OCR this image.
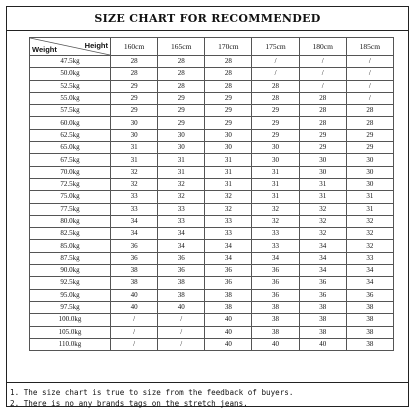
SIZE CHART FOR RECOMMENDED
Weight Height	160cm	165cm	170cm	175cm	180cm	185cm
47.5kg	28	28	28	/	/	/
50.0kg	28	28	28	/	/	/
52.5kg	29	28	28	28	/	/
55.0kg	29	29	29	28	28	/
57.5kg	29	29	29	29	28	28
60.0kg	30	29	29	29	28	28
62.5kg	30	30	30	29	29	29
65.0kg	31	30	30	30	29	29
67.5kg	31	31	31	30	30	30
70.0kg	32	31	31	31	30	30
72.5kg	32	32	31	31	31	30
75.0kg	33	32	32	31	31	31
77.5kg	33	33	32	32	32	31
80.0kg	34	33	33	32	32	32
82.5kg	34	34	33	33	32	32
85.0kg	36	34	34	33	34	32
87.5kg	36	36	34	34	34	33
90.0kg	38	36	36	36	34	34
92.5kg	38	38	36	36	36	34
95.0kg	40	38	38	36	36	36
97.5kg	40	40	38	38	38	38
100.0kg	/	/	40	38	38	38
105.0kg	/	/	40	38	38	38
110.0kg	/	/	40	40	40	38
1. The size chart is true to size from the feedback of buyers.
2. There is no any brands tags on the stretch jeans.
